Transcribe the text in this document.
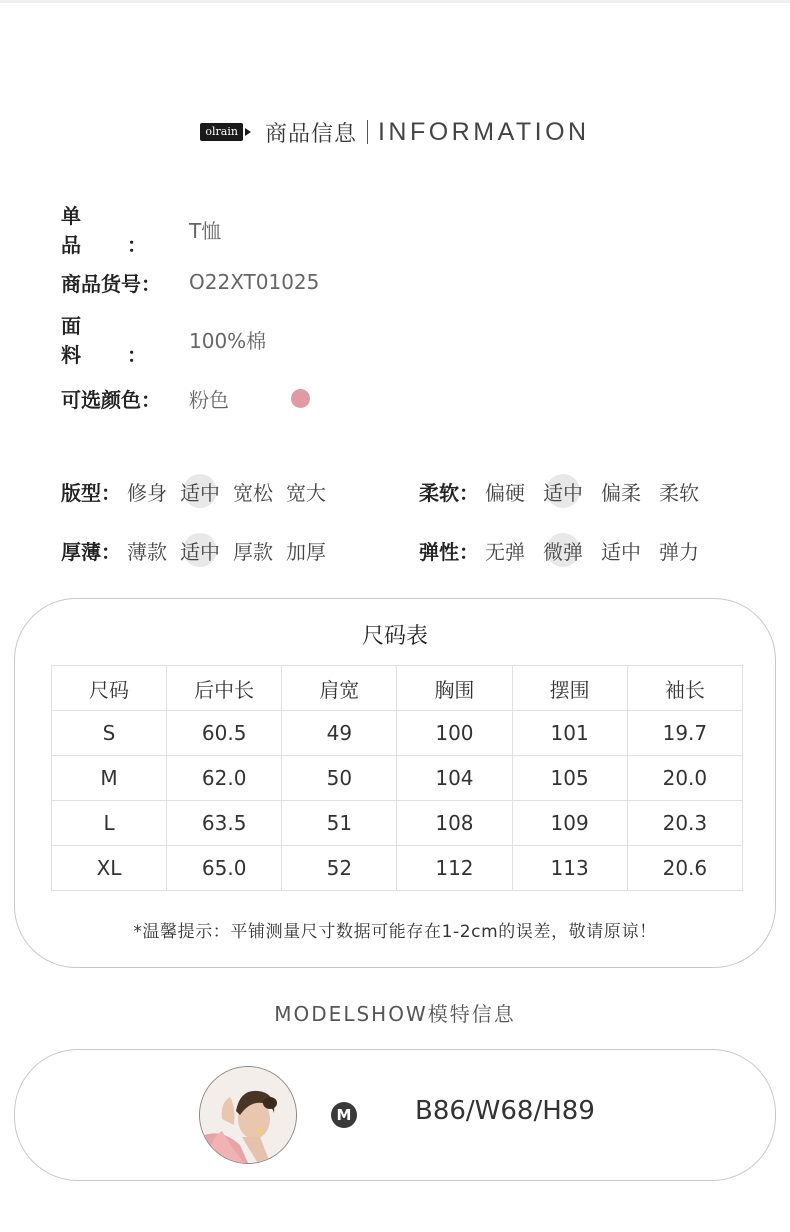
olrain 商品信息 INFORMATION
单品：
T恤
商品货号：	O22XT01025
面料：
100%棉
可选颜色：	粉色
版型： 修身 适中 宽松 宽大	柔软： 偏硬 适中 偏柔 柔软
厚薄： 薄款 适中 厚款 加厚	弹性： 无弹 微弹 适中 弹力
尺码表
尺码	后中长	肩宽	胸围	摆围	袖长
S	60.5	49	100	101	19.7
M	62.0	50	104	105	20.0
L	63.5	51	108	109	20.3
XL	65.0	52	112	113	20.6
*温馨提示：平铺测量尺寸数据可能存在1-2cm的误差，敬请原谅！
MODELSHOW模特信息
M B86/W68/H89
